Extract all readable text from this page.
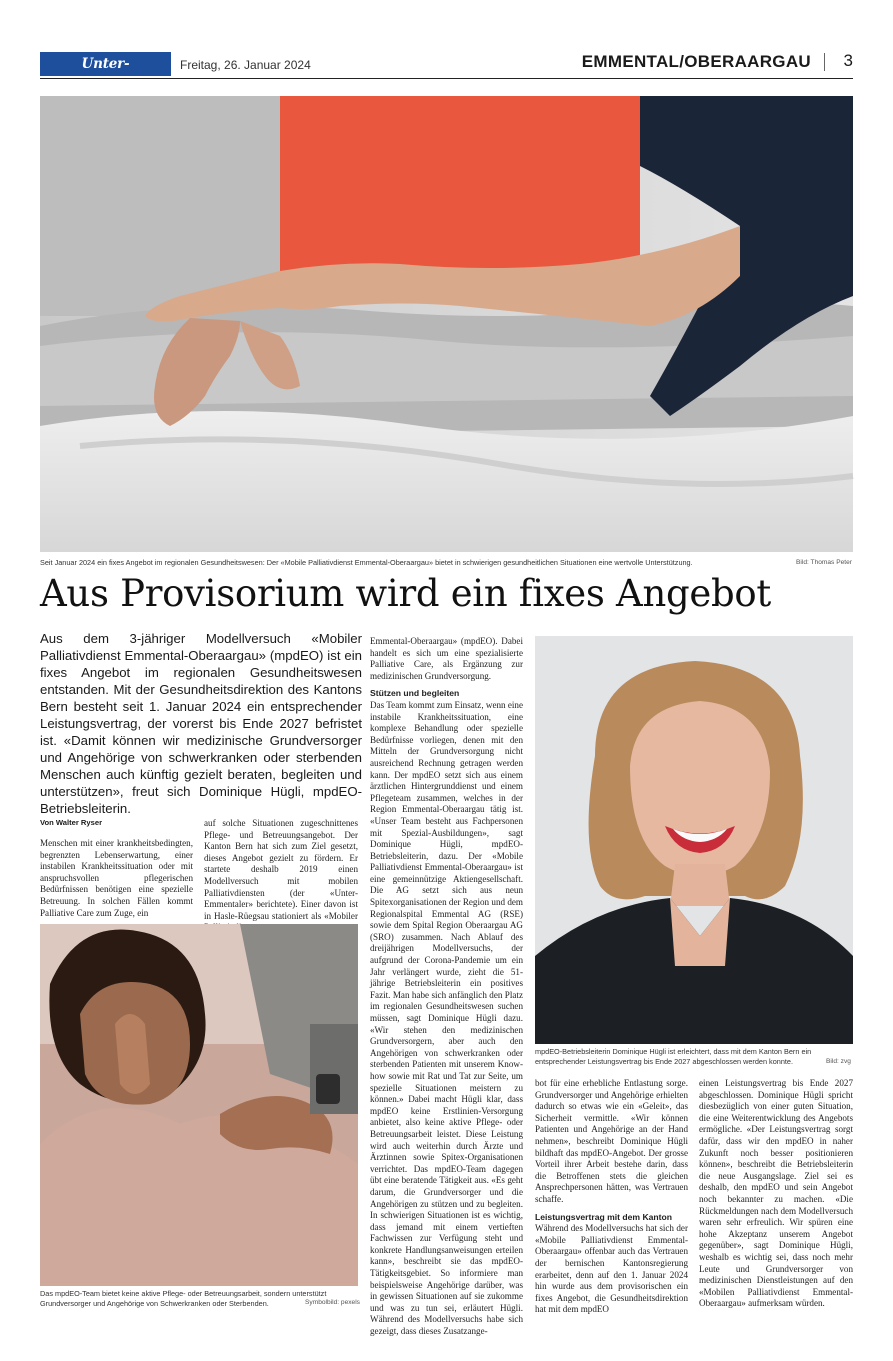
Unter-Emmentaler
Freitag, 26. Januar 2024	EMMENTAL/OBERAARGAU 3
Seit Januar 2024 ein fixes Angebot im regionalen Gesundheitswesen: Der «Mobile Palliativdienst Emmental-Oberaargau» bietet in schwierigen gesundheitlichen Situationen eine wertvolle Unterstützung.	Bild: Thomas Peter
Aus Provisorium wird ein fixes Angebot
Aus dem 3-jähriger Modellversuch «Mobiler Palliativdienst Emmental-Oberaargau» (mpdEO) ist ein fixes Angebot im regionalen Gesundheitswesen entstanden. Mit der Gesundheitsdirektion des Kantons Bern besteht seit 1. Januar 2024 ein entsprechender Leistungsvertrag, der vorerst bis Ende 2027 befristet ist. «Damit können wir medizinische Grundversorger und Angehörige von schwerkranken oder sterbenden Menschen auch künftig gezielt beraten, begleiten und unterstützen», freut sich Dominique Hügli, mpdEO-Betriebsleiterin.
Von Walter Ryser

Menschen mit einer krankheitsbedingten, begrenzten Lebenserwartung, einer instabilen Krankheitssituation oder mit anspruchsvollen pflegerischen Bedürfnissen benötigen eine spezielle Betreuung. In solchen Fällen kommt Palliative Care zum Zuge, ein

auf solche Situationen zugeschnittenes Pflege- und Betreuungsangebot. Der Kanton Bern hat sich zum Ziel gesetzt, dieses Angebot gezielt zu fördern. Er startete deshalb 2019 einen Modellversuch mit mobilen Palliativdiensten (der «Unter-Emmentaler» berichtete). Einer davon ist in Hasle-Rüegsau stationiert als «Mobiler

Das mpdEO-Team bietet keine aktive Pflege- oder Betreuungsarbeit, sondern unterstützt Grundversorger und Angehörige von Schwerkranken oder Sterbenden.	Symbolbild: pexels

Emmental-Oberaargau» (mpdEO). Dabei handelt es sich um eine spezialisierte Palliative Care, als Ergänzung zur medizinischen Grundversorgung.

Stützen und begleiten

Das Team kommt zum Einsatz, wenn eine instabile Krankheitssituation, eine komplexe Behandlung oder spezielle Bedürfnisse vorliegen, denen mit den Mitteln der Grundversorgung nicht ausreichend Rechnung getragen werden kann. Der mpdEO setzt sich aus einem ärztlichen Hintergrunddienst und einem Pflegeteam zusammen, welches in der Region Emmental-Oberaargau tätig ist. «Unser Team besteht aus Fachpersonen mit Spezial-Ausbildungen», sagt Dominique Hügli, mpdEO-Betriebsleiterin, dazu. Der «Mobile Palliativdienst Emmental-Oberaargau» ist eine gemeinnützige Aktiengesellschaft. Die AG setzt sich aus neun Spitexorganisationen der Region und dem Regionalspital Emmental AG (RSE) sowie dem Spital Region Oberaargau AG (SRO) zusammen. Nach Ablauf des dreijährigen Modellversuchs, der aufgrund der Corona-Pandemie um ein Jahr verlängert wurde, zieht die 51-jährige Betriebsleiterin ein positives Fazit. Man habe sich anfänglich den Platz im regionalen Gesundheitswesen suchen müssen, sagt Dominique Hügli dazu. «Wir stehen den medizinischen Grundversorgern, aber auch den Angehörigen von schwerkranken oder sterbenden Patienten mit unserem Know-how sowie mit Rat und Tat zur Seite, um spezielle Situationen meistern zu können.» Dabei macht Hügli klar, dass mpdEO keine Erstlinien-Versorgung anbietet, also keine aktive Pflege- oder Betreuungsarbeit leistet. Diese Leistung wird auch weiterhin durch Ärzte und Ärztinnen sowie Spitex-Organisationen verrichtet. Das mpdEO-Team dagegen übt eine beratende Tätigkeit aus. «Es geht darum, die Grundversorger und die Angehörigen zu stützen und zu begleiten. In schwierigen Situationen ist es wichtig, dass jemand mit einem vertieften Fachwissen zur Verfügung steht und konkrete Handlungsanweisungen erteilen kann», beschreibt sie das mpdEO-Tätigkeitsgebiet. So informiere man beispielsweise Angehörige darüber, was in gewissen Situationen auf sie zukomme und was zu tun sei, erläutert Hügli. Während des Modellversuchs habe sich gezeigt, dass dieses Zusatzange-

mpdEO-Betriebsleiterin Dominique Hügli ist erleichtert, dass mit dem Kanton Bern ein entsprechender Leistungsvertrag bis Ende 2027 abgeschlossen werden konnte.	Bild: zvg

bot für eine erhebliche Entlastung sorge. Grundversorger und Angehörige erhielten dadurch so etwas wie ein «Geleit», das Sicherheit vermittle. «Wir können Patienten und Angehörige an der Hand nehmen», beschreibt Dominique Hügli bildhaft das mpdEO-Angebot. Der grosse Vorteil ihrer Arbeit bestehe darin, dass die Betroffenen stets die gleichen Ansprechpersonen hätten, was Vertrauen schaffe.

Leistungsvertrag mit dem Kanton

Während des Modellversuchs hat sich der «Mobile Palliativdienst Emmental-Oberaargau» offenbar auch das Vertrauen der bernischen Kantonsregierung erarbeitet, denn auf den 1. Januar 2024 hin wurde aus dem provisorischen ein fixes Angebot, die Gesundheitsdirektion hat mit dem mpdEO

einen Leistungsvertrag bis Ende 2027 abgeschlossen. Dominique Hügli spricht diesbezüglich von einer guten Situation, die eine Weiterentwicklung des Angebots ermögliche. «Der Leistungsvertrag sorgt dafür, dass wir den mpdEO in naher Zukunft noch besser positionieren können», beschreibt die Betriebsleiterin die neue Ausgangslage. Ziel sei es deshalb, den mpdEO und sein Angebot noch bekannter zu machen. «Die Rückmeldungen nach dem Modellversuch waren sehr erfreulich. Wir spüren eine hohe Akzeptanz unserem Angebot gegenüber», sagt Dominique Hügli, weshalb es wichtig sei, dass noch mehr Leute und Grundversorger von medizinischen Dienstleistungen auf den «Mobilen Palliativdienst Emmental-Oberaargau» aufmerksam würden.
